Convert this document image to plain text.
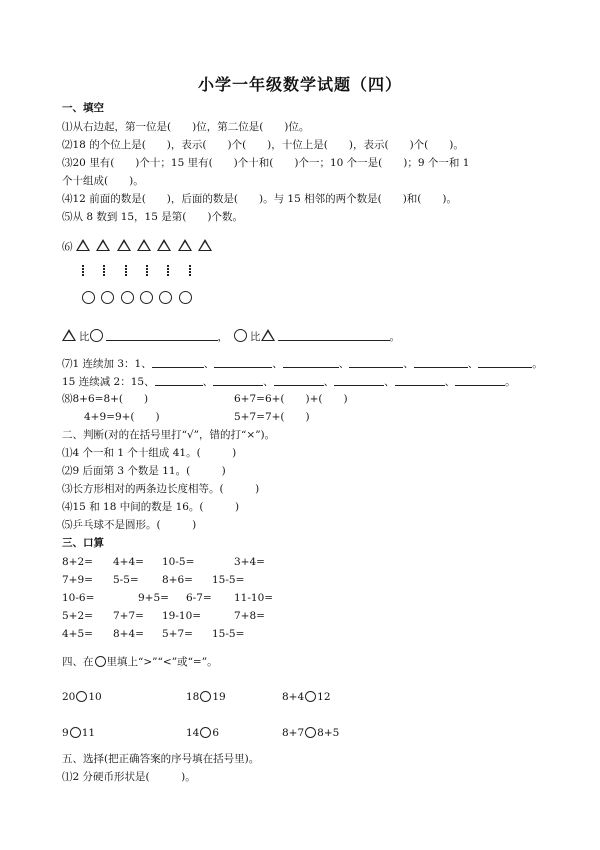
小学一年级数学试题（四）
一、填空
⑴从右边起，第一位是(　　)位，第二位是(　　)位。
⑵18 的个位上是(　　)，表示(　　)个(　　)，十位上是(　　)，表示(　　)个(　　)。
⑶20 里有(　　)个十；15 里有(　　)个十和(　　)个一；10 个一是(　　)；9 个一和 1
个十组成(　　)。
⑷12 前面的数是(　　)，后面的数是(　　)。与 15 相邻的两个数是(　　)和(　　)。
⑸从 8 数到 15，15 是第(　　)个数。
⑹

比	， 比	。
⑺1 连续加 3：1、	、	、	、	、	、	。
15 连续减 2：15、	、	、	、	、	、	。
⑻8+6=8+(　　)	6+7=6+(　　)+(　　)
4+9=9+(　　)	5+7=7+(　　)
二、判断(对的在括号里打“√”，错的打“×”)。
⑴4 个一和 1 个十组成 41。(　　　)
⑵9 后面第 3 个数是 11。(　　　)
⑶长方形相对的两条边长度相等。(　　　)
⑷15 和 18 中间的数是 16。(　　　)
⑸乒乓球不是圆形。(　　　)
三、口算
8+2= 4+4= 10-5=	3+4=
7+9= 5-5= 8+6= 15-5=
10-6=	9+5= 6-7= 11-10=
5+2= 7+7= 19-10=	7+8=
4+5= 8+4= 5+7= 15-5=
四、在 里填上“>”“<”或“=”。
20 10	18 19	8+4 12
9 11	14 6	8+7 8+5
五、选择(把正确答案的序号填在括号里)。
⑴2 分硬币形状是(　　　)。
